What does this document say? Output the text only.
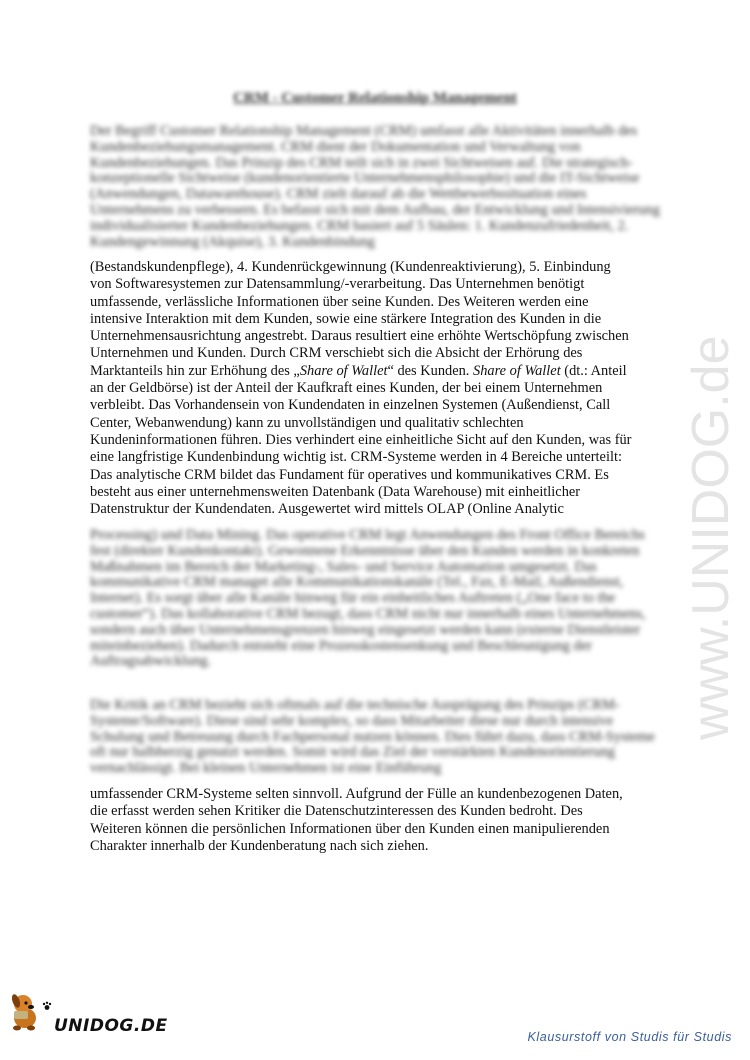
CRM - Customer Relationship Management

Der Begriff Customer Relationship Management (CRM) umfasst alle Aktivitäten innerhalb des Kundenbeziehungsmanagement. CRM dient der Dokumentation und Verwaltung von Kundenbeziehungen. Das Prinzip des CRM teilt sich in zwei Sichtweisen auf. Die strategisch-konzeptionelle Sichtweise (kundenorientierte Unternehmensphilosophie) und die IT-Sichtweise (Anwendungen, Datawarehouse). CRM zielt darauf ab die Wettbewerbssituation eines Unternehmens zu verbessern. Es befasst sich mit dem Aufbau, der Entwicklung und Intensivierung individualisierter Kundenbeziehungen. CRM basiert auf 5 Säulen: 1. Kundenzufriedenheit, 2. Kundengewinnung (Akquise), 3. Kundenbindung

(Bestandskundenpflege), 4. Kundenrückgewinnung (Kundenreaktivierung), 5. Einbindung
von Softwaresystemen zur Datensammlung/-verarbeitung. Das Unternehmen benötigt
umfassende, verlässliche Informationen über seine Kunden. Des Weiteren werden eine
intensive Interaktion mit dem Kunden, sowie eine stärkere Integration des Kunden in die
Unternehmensausrichtung angestrebt. Daraus resultiert eine erhöhte Wertschöpfung zwischen
Unternehmen und Kunden. Durch CRM verschiebt sich die Absicht der Erhörung des
Marktanteils hin zur Erhöhung des „Share of Wallet“ des Kunden. Share of Wallet (dt.: Anteil
an der Geldbörse) ist der Anteil der Kaufkraft eines Kunden, der bei einem Unternehmen
verbleibt. Das Vorhandensein von Kundendaten in einzelnen Systemen (Außendienst, Call
Center, Webanwendung) kann zu unvollständigen und qualitativ schlechten
Kundeninformationen führen. Dies verhindert eine einheitliche Sicht auf den Kunden, was für
eine langfristige Kundenbindung wichtig ist. CRM-Systeme werden in 4 Bereiche unterteilt:
Das analytische CRM bildet das Fundament für operatives und kommunikatives CRM. Es
besteht aus einer unternehmensweiten Datenbank (Data Warehouse) mit einheitlicher
Datenstruktur der Kundendaten. Ausgewertet wird mittels OLAP (Online Analytic

Processing) und Data Mining. Das operative CRM legt Anwendungen des Front Office Bereichs fest (direkter Kundenkontakt). Gewonnene Erkenntnisse über den Kunden werden in konkreten Maßnahmen im Bereich der Marketing-, Sales- und Service Automation umgesetzt. Das kommunikative CRM managet alle Kommunikationskanäle (Tel., Fax, E-Mail, Außendienst, Internet). Es sorgt über alle Kanäle hinweg für ein einheitliches Auftreten („One face to the customer“). Das kollaborative CRM bezugt, dass CRM nicht nur innerhalb eines Unternehmens, sondern auch über Unternehmensgrenzen hinweg eingesetzt werden kann (externe Dienstleister miteinbeziehen). Dadurch entsteht eine Prozesskostensenkung und Beschleunigung der Auftragsabwicklung.

Die Kritik an CRM bezieht sich oftmals auf die technische Ausprägung des Prinzips (CRM-Systeme/Software). Diese sind sehr komplex, so dass Mitarbeiter diese nur durch intensive Schulung und Betreuung durch Fachpersonal nutzen können. Dies führt dazu, dass CRM-Systeme oft nur halbherzig genutzt werden. Somit wird das Ziel der verstärkten Kundenorientierung vernachlässigt. Bei kleinen Unternehmen ist eine Einführung

umfassender CRM-Systeme selten sinnvoll. Aufgrund der Fülle an kundenbezogenen Daten,
die erfasst werden sehen Kritiker die Datenschutzinteressen des Kunden bedroht. Des
Weiteren können die persönlichen Informationen über den Kunden einen manipulierenden
Charakter innerhalb der Kundenberatung nach sich ziehen.
www.UNIDOG.de
UNIDOG.DE
Klausurstoff von Studis für Studis
